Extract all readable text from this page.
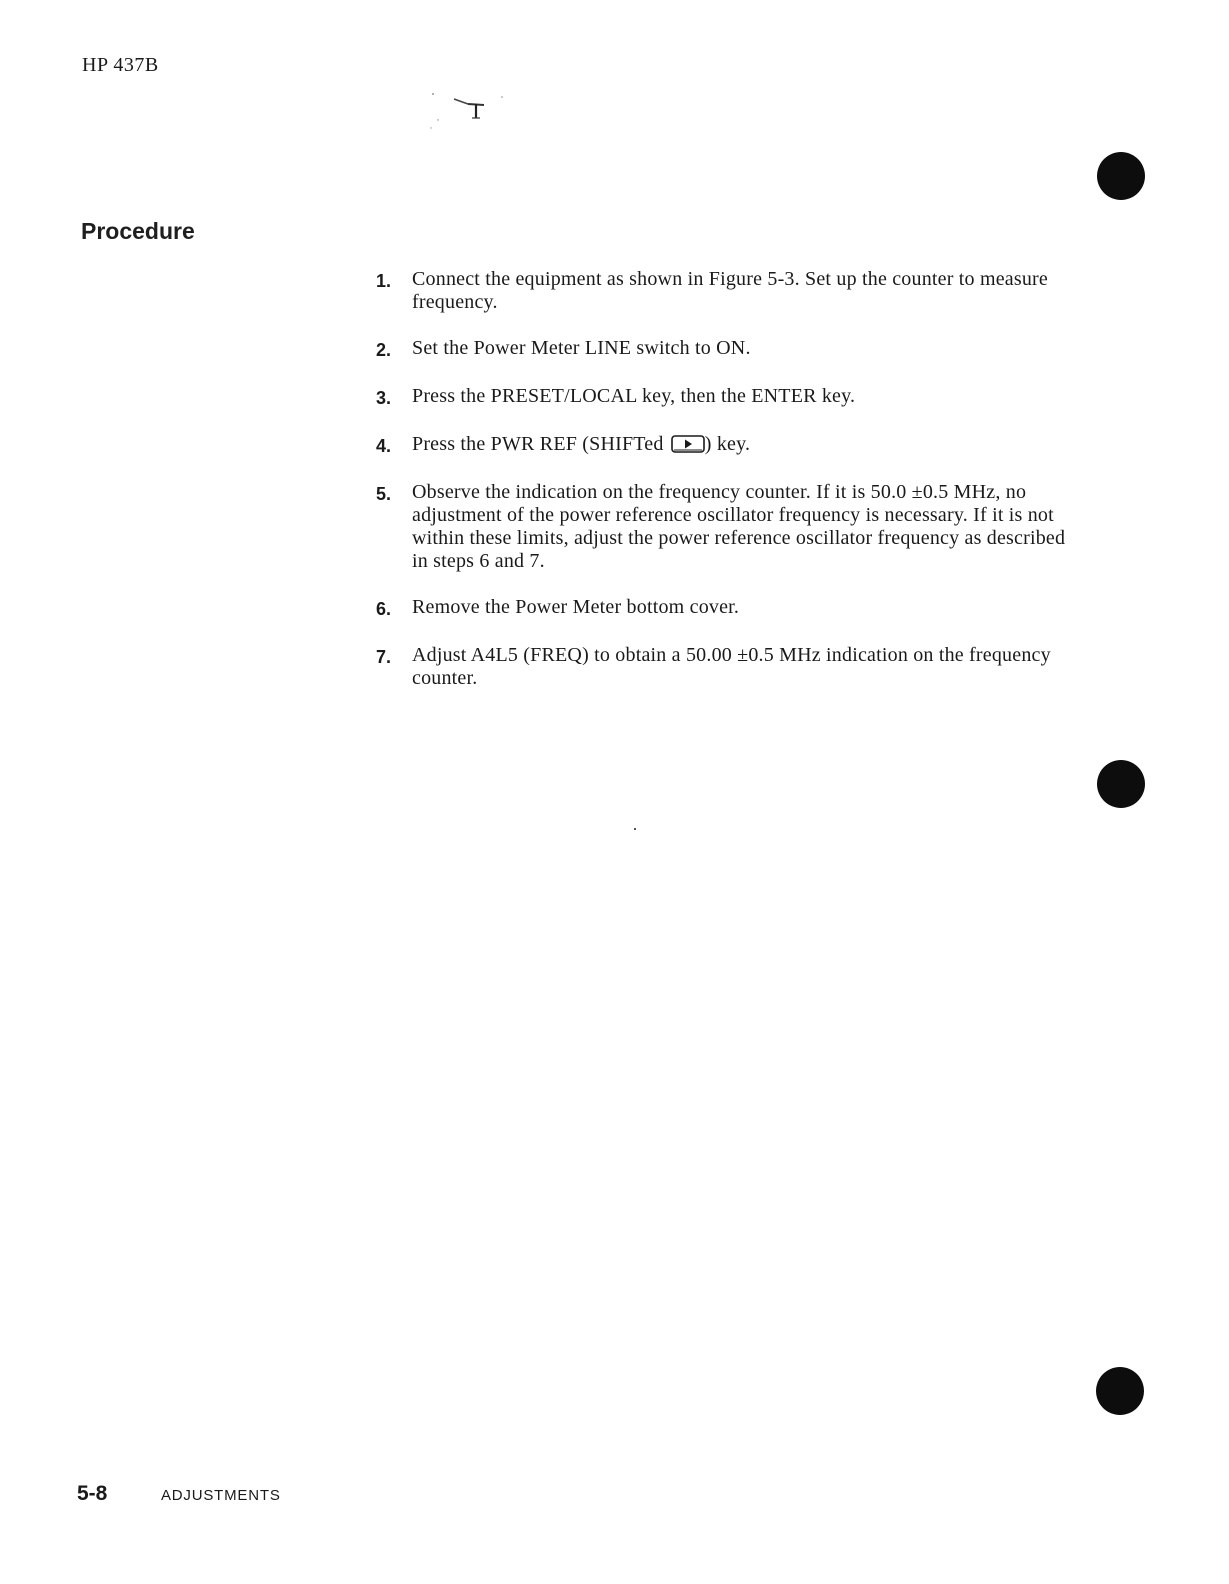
HP 437B
Procedure
1.	Connect the equipment as shown in Figure 5-3. Set up the counter to measure frequency.
2.	Set the Power Meter LINE switch to ON.
3.	Press the PRESET/LOCAL key, then the ENTER key.
4.	Press the PWR REF (SHIFTed ) key.
5.	Observe the indication on the frequency counter. If it is 50.0 ±0.5 MHz, no adjustment of the power reference oscillator frequency is necessary. If it is not within these limits, adjust the power reference oscillator frequency as described in steps 6 and 7.
6.	Remove the Power Meter bottom cover.
7.	Adjust A4L5 (FREQ) to obtain a 50.00 ±0.5 MHz indication on the frequency counter.
5-8	ADJUSTMENTS
